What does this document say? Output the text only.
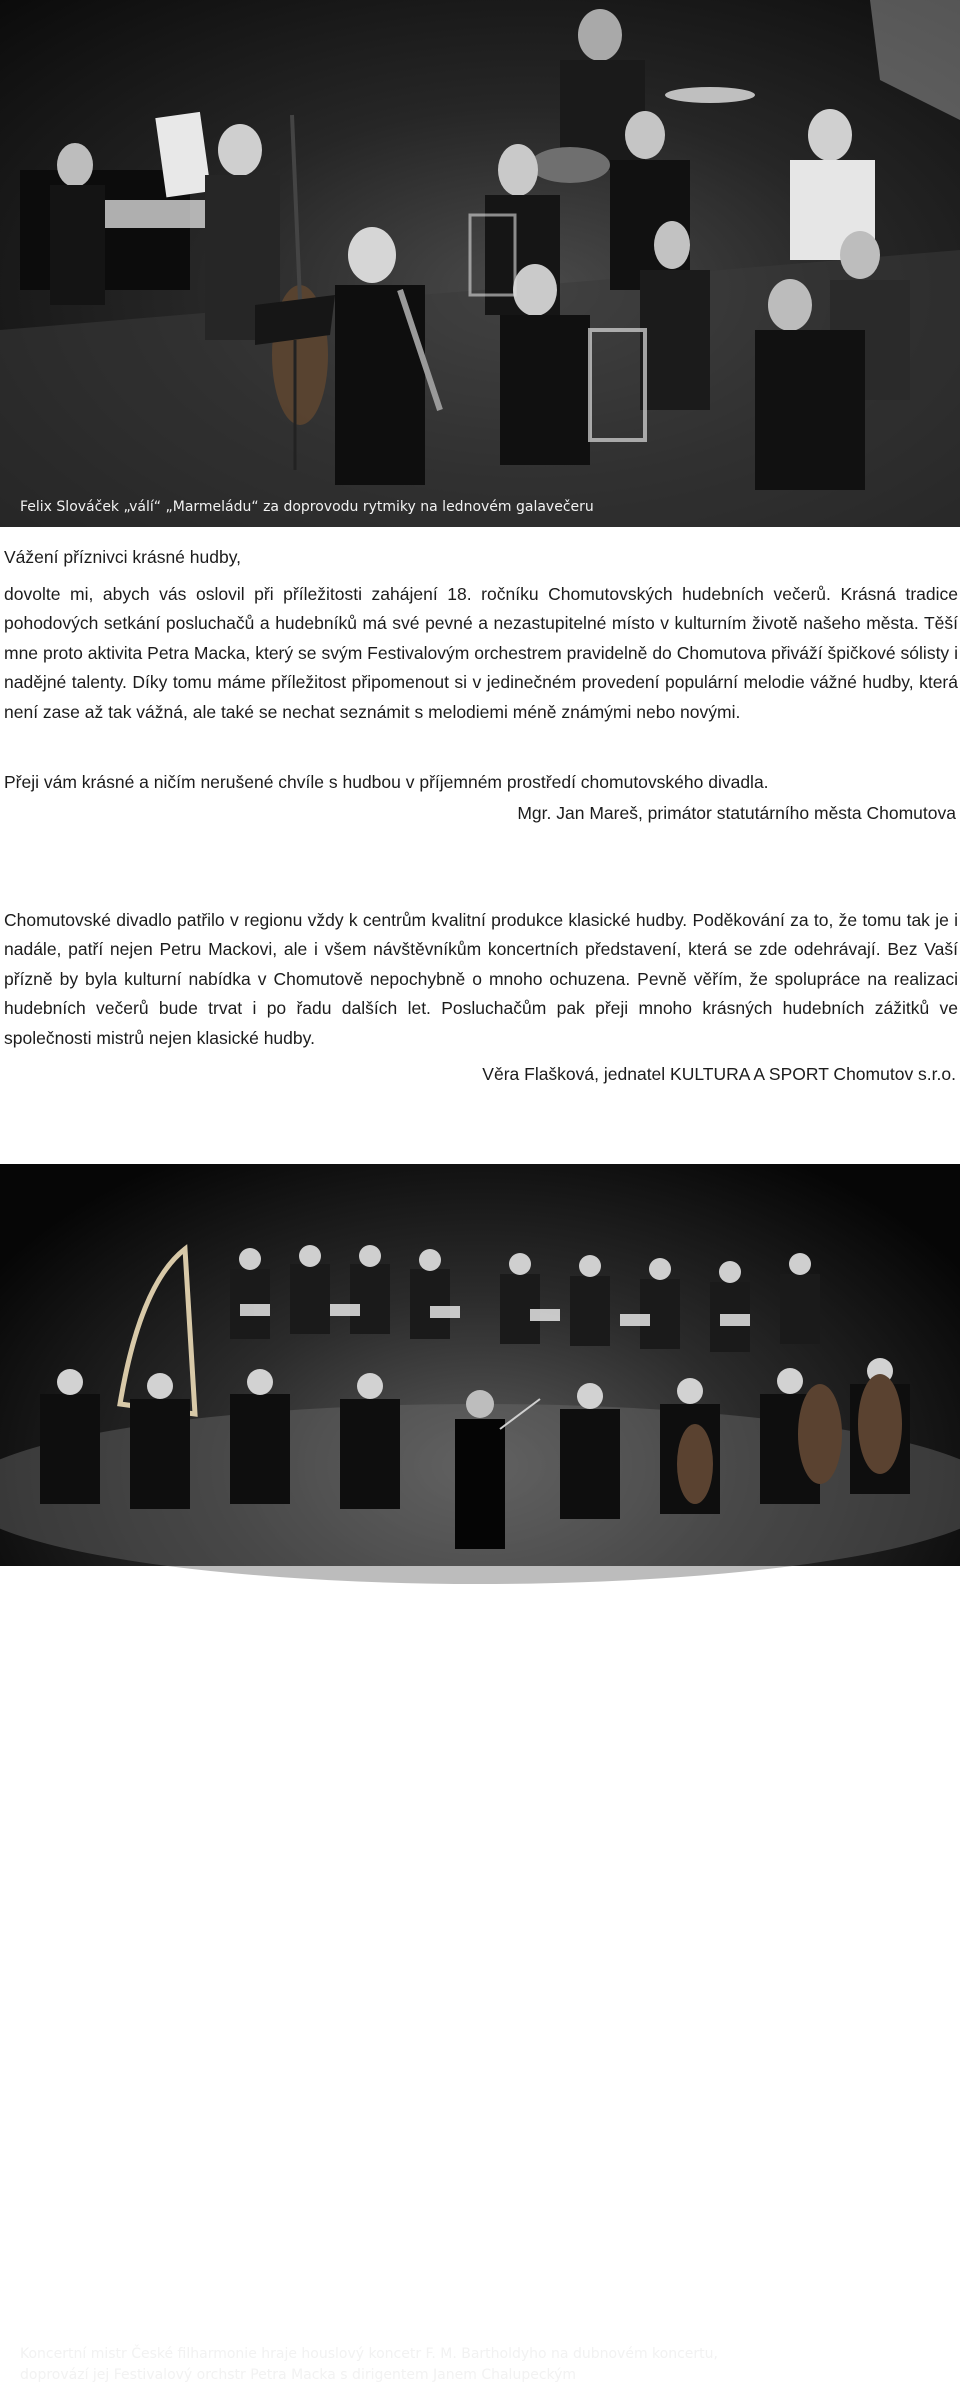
Felix Slováček „válí“ „Marmeládu“ za doprovodu rytmiky na lednovém galavečeru
Vážení příznivci krásné hudby,

dovolte mi, abych vás oslovil při příležitosti zahájení 18. ročníku Chomutovských hudebních večerů. Krásná tradice pohodových setkání posluchačů a hudebníků má své pevné a nezastupitelné místo v kulturním životě našeho města. Těší mne proto aktivita Petra Macka, který se svým Festivalovým orchestrem pravidelně do Chomutova přiváží špičkové sólisty i nadějné talenty. Díky tomu máme příležitost připomenout si v jedinečném provedení populární melodie vážné hudby, která není zase až tak vážná, ale také se nechat seznámit s melodiemi méně známými nebo novými.

Přeji vám krásné a ničím nerušené chvíle s hudbou v příjemném prostředí chomutovského divadla.
Mgr. Jan Mareš, primátor statutárního města Chomutova

Chomutovské divadlo patřilo v regionu vždy k centrům kvalitní produkce klasické hudby. Poděkování za to, že tomu tak je i nadále, patří nejen Petru Mackovi, ale i všem návštěvníkům koncertních představení, která se zde odehrávají. Bez Vaší přízně by byla kulturní nabídka v Chomutově nepochybně o mnoho ochuzena. Pevně věřím, že spolupráce na realizaci hudebních večerů bude trvat i po řadu dalších let. Posluchačům pak přeji mnoho krásných hudebních zážitků ve společnosti mistrů nejen klasické hudby.

Věra Flašková, jednatel KULTURA A SPORT Chomutov s.r.o.
Koncertní mistr České filharmonie hraje houslový koncetr F. M. Bartholdyho na dubnovém koncertu,
doprovází jej Festivalový orchstr Petra Macka s dirigentem Janem Chalupeckým
